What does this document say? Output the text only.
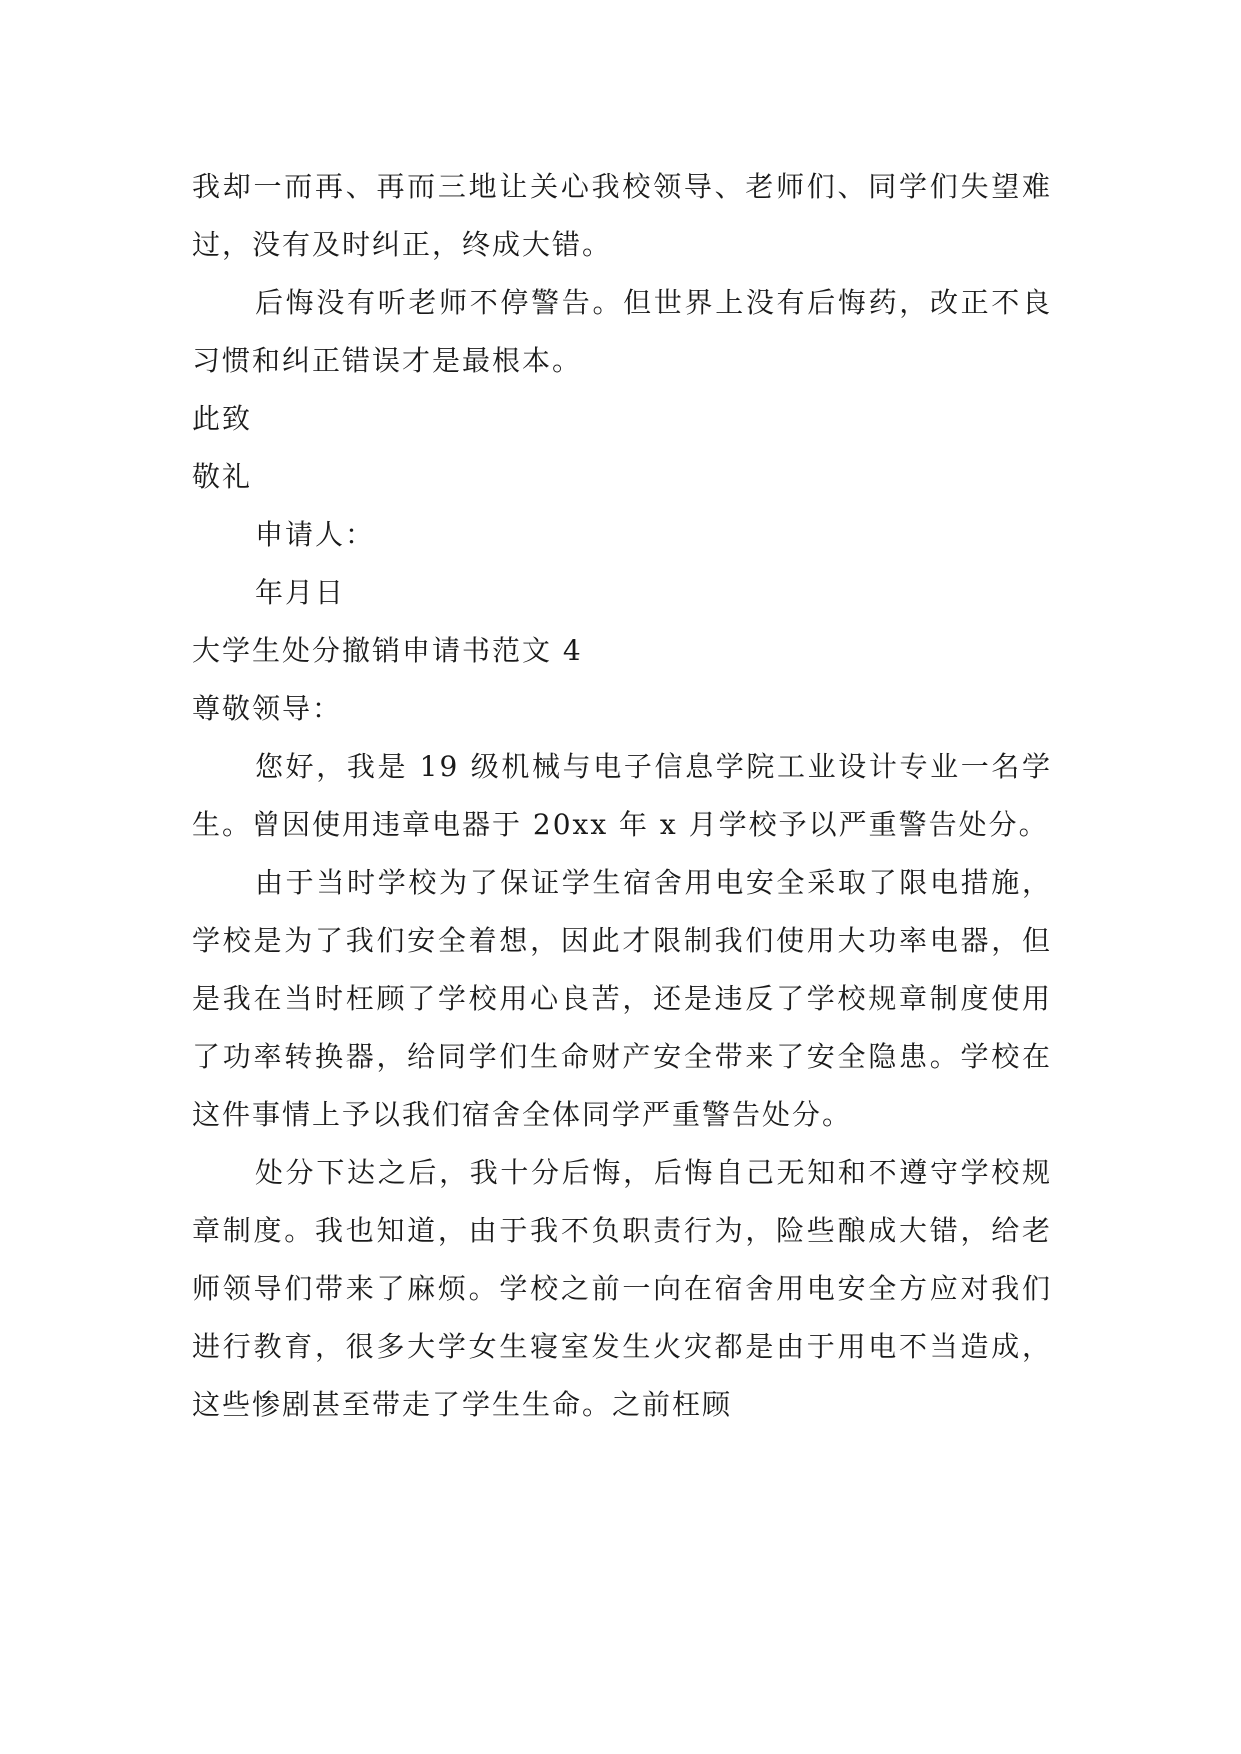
我却一而再、再而三地让关心我校领导、老师们、同学们失望难过，没有及时纠正，终成大错。

后悔没有听老师不停警告。但世界上没有后悔药，改正不良习惯和纠正错误才是最根本。

此致

敬礼

申请人：

年月日

大学生处分撤销申请书范文 4

尊敬领导：

您好，我是 19 级机械与电子信息学院工业设计专业一名学生。曾因使用违章电器于 20xx 年 x 月学校予以严重警告处分。

由于当时学校为了保证学生宿舍用电安全采取了限电措施，学校是为了我们安全着想，因此才限制我们使用大功率电器，但是我在当时枉顾了学校用心良苦，还是违反了学校规章制度使用了功率转换器，给同学们生命财产安全带来了安全隐患。学校在这件事情上予以我们宿舍全体同学严重警告处分。

处分下达之后，我十分后悔，后悔自己无知和不遵守学校规章制度。我也知道，由于我不负职责行为，险些酿成大错，给老师领导们带来了麻烦。学校之前一向在宿舍用电安全方应对我们进行教育，很多大学女生寝室发生火灾都是由于用电不当造成，这些惨剧甚至带走了学生生命。之前枉顾
